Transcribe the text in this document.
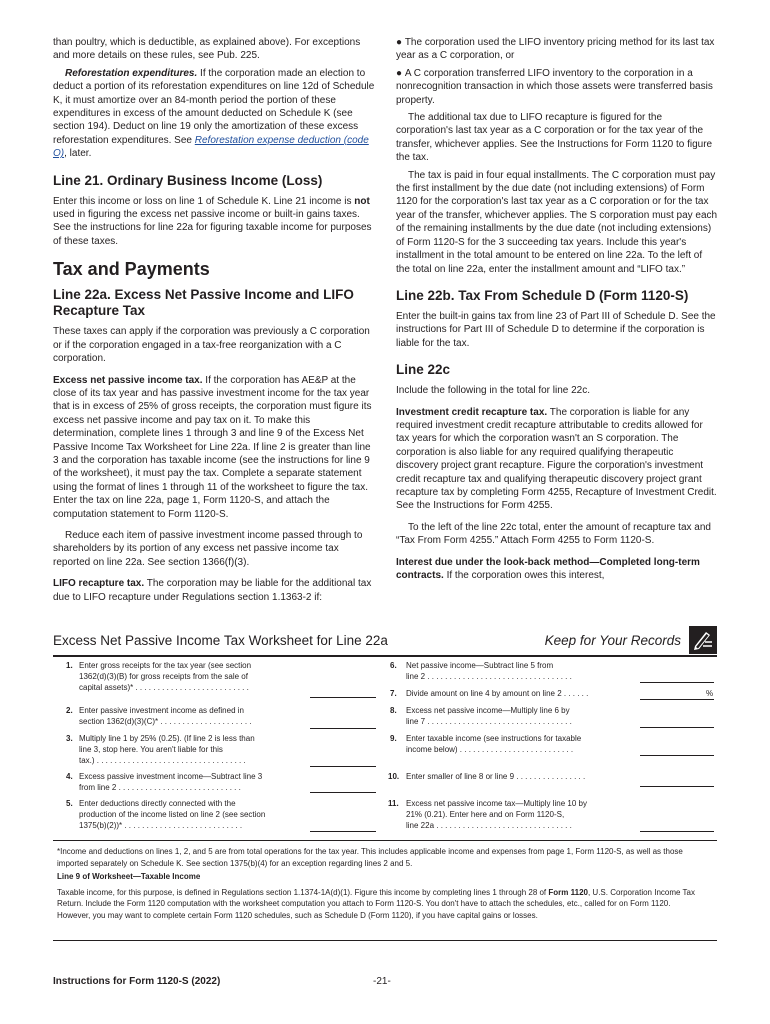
than poultry, which is deductible, as explained above). For exceptions and more details on these rules, see Pub. 225.

Reforestation expenditures. If the corporation made an election to deduct a portion of its reforestation expenditures on line 12d of Schedule K, it must amortize over an 84-month period the portion of these expenditures in excess of the amount deducted on Schedule K (see section 194). Deduct on line 19 only the amortization of these excess reforestation expenditures. See Reforestation expense deduction (code O), later.

Line 21. Ordinary Business Income (Loss)

Enter this income or loss on line 1 of Schedule K. Line 21 income is not used in figuring the excess net passive income or built-in gains taxes. See the instructions for line 22a for figuring taxable income for purposes of these taxes.

Tax and Payments
Line 22a. Excess Net Passive Income and LIFO Recapture Tax

These taxes can apply if the corporation was previously a C corporation or if the corporation engaged in a tax-free reorganization with a C corporation.

Excess net passive income tax. If the corporation has AE&P at the close of its tax year and has passive investment income for the tax year that is in excess of 25% of gross receipts, the corporation must figure its excess net passive income and pay tax on it. To make this determination, complete lines 1 through 3 and line 9 of the Excess Net Passive Income Tax Worksheet for Line 22a. If line 2 is greater than line 3 and the corporation has taxable income (see the instructions for line 9 of the worksheet), it must pay the tax. Complete a separate statement using the format of lines 1 through 11 of the worksheet to figure the tax. Enter the tax on line 22a, page 1, Form 1120-S, and attach the computation statement to Form 1120-S.

Reduce each item of passive investment income passed through to shareholders by its portion of any excess net passive income tax reported on line 22a. See section 1366(f)(3).

LIFO recapture tax. The corporation may be liable for the additional tax due to LIFO recapture under Regulations section 1.1363-2 if:

● The corporation used the LIFO inventory pricing method for its last tax year as a C corporation, or

● A C corporation transferred LIFO inventory to the corporation in a nonrecognition transaction in which those assets were transferred basis property.

The additional tax due to LIFO recapture is figured for the corporation's last tax year as a C corporation or for the tax year of the transfer, whichever applies. See the Instructions for Form 1120 to figure the tax.

The tax is paid in four equal installments. The C corporation must pay the first installment by the due date (not including extensions) of Form 1120 for the corporation's last tax year as a C corporation or for the tax year of the transfer, whichever applies. The S corporation must pay each of the remaining installments by the due date (not including extensions) of Form 1120-S for the 3 succeeding tax years. Include this year's installment in the total amount to be entered on line 22a. To the left of the total on line 22a, enter the installment amount and “LIFO tax.”

Line 22b. Tax From Schedule D (Form 1120-S)

Enter the built-in gains tax from line 23 of Part III of Schedule D. See the instructions for Part III of Schedule D to determine if the corporation is liable for the tax.

Line 22c

Include the following in the total for line 22c.

Investment credit recapture tax. The corporation is liable for any required investment credit recapture attributable to credits allowed for tax years for which the corporation wasn't an S corporation. The corporation is also liable for any required qualifying therapeutic discovery project grant recapture. Figure the corporation's investment credit recapture tax and qualifying therapeutic discovery project grant recapture tax by completing Form 4255, Recapture of Investment Credit. See the Instructions for Form 4255.

To the left of the line 22c total, enter the amount of recapture tax and “Tax From Form 4255.” Attach Form 4255 to Form 1120-S.

Interest due under the look-back method—Completed long-term contracts. If the corporation owes this interest,

Excess Net Passive Income Tax Worksheet for Line 22a	Keep for Your Records
1. Enter gross receipts for the tax year (see section
1362(d)(3)(B) for gross receipts from the sale of
capital assets)* . . . . . . . . . . . . . . . . . . . . . . . . . .
2. Enter passive investment income as defined in
section 1362(d)(3)(C)* . . . . . . . . . . . . . . . . . . . . .
3. Multiply line 1 by 25% (0.25). (If line 2 is less than
line 3, stop here. You aren't liable for this
tax.) . . . . . . . . . . . . . . . . . . . . . . . . . . . . . . . . . .
4. Excess passive investment income—Subtract line 3
from line 2 . . . . . . . . . . . . . . . . . . . . . . . . . . . .
5. Enter deductions directly connected with the
production of the income listed on line 2 (see section
1375(b)(2))* . . . . . . . . . . . . . . . . . . . . . . . . . . .
6. Net passive income—Subtract line 5 from
line 2 . . . . . . . . . . . . . . . . . . . . . . . . . . . . . . . . .
7. Divide amount on line 4 by amount on line 2 . . . . . .	%
8. Excess net passive income—Multiply line 6 by
line 7 . . . . . . . . . . . . . . . . . . . . . . . . . . . . . . . . .
9. Enter taxable income (see instructions for taxable
income below) . . . . . . . . . . . . . . . . . . . . . . . . . .
10. Enter smaller of line 8 or line 9 . . . . . . . . . . . . . . . .
11. Excess net passive income tax—Multiply line 10 by
21% (0.21). Enter here and on Form 1120-S,
line 22a . . . . . . . . . . . . . . . . . . . . . . . . . . . . . . .
*Income and deductions on lines 1, 2, and 5 are from total operations for the tax year. This includes applicable income and expenses from page 1, Form 1120-S, as well as those imported separately on Schedule K. See section 1375(b)(4) for an exception regarding lines 2 and 5.
Line 9 of Worksheet—Taxable Income
Taxable income, for this purpose, is defined in Regulations section 1.1374-1A(d)(1). Figure this income by completing lines 1 through 28 of Form 1120, U.S. Corporation Income Tax Return. Include the Form 1120 computation with the worksheet computation you attach to Form 1120-S. You don't have to attach the schedules, etc., called for on Form 1120. However, you may want to complete certain Form 1120 schedules, such as Schedule D (Form 1120), if you have capital gains or losses.
Instructions for Form 1120-S (2022)	-21-
